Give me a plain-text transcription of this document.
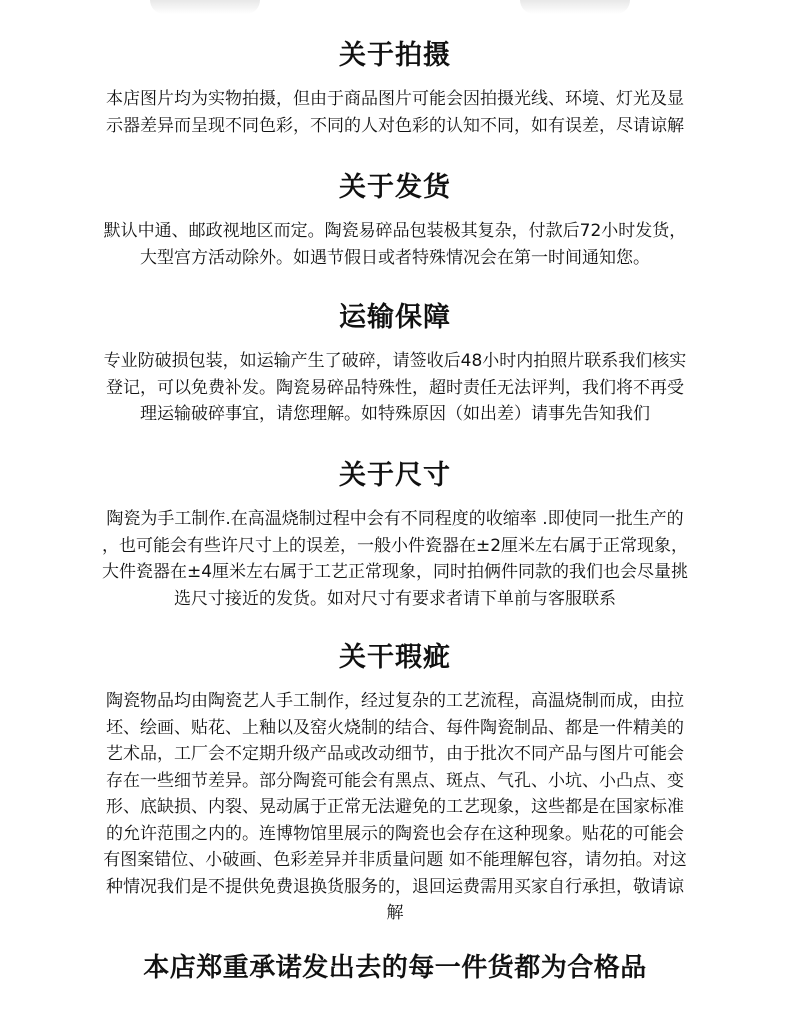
关于拍摄

本店图片均为实物拍摄，但由于商品图片可能会因拍摄光线、环境、灯光及显
示器差异而呈现不同色彩，不同的人对色彩的认知不同，如有误差，尽请谅解

关于发货

默认中通、邮政视地区而定。陶瓷易碎品包装极其复杂，付款后72小时发货，
大型宫方活动除外。如遇节假日或者特殊情况会在第一时间通知您。

运输保障

专业防破损包装，如运输产生了破碎，请签收后48小时内拍照片联系我们核实
登记，可以免费补发。陶瓷易碎品特殊性，超时责任无法评判，我们将不再受
理运输破碎事宜，请您理解。如特殊原因（如出差）请事先告知我们

关于尺寸

陶瓷为手工制作.在高温烧制过程中会有不同程度的收缩率 .即使同一批生产的
，也可能会有些许尺寸上的误差，一般小件瓷器在±2厘米左右属于正常现象，
大件瓷器在±4厘米左右属于工艺正常现象，同时拍俩件同款的我们也会尽量挑
选尺寸接近的发货。如对尺寸有要求者请下单前与客服联系

关干瑕疵

陶瓷物品均由陶瓷艺人手工制作，经过复杂的工艺流程，高温烧制而成，由拉
坯、绘画、贴花、上釉以及窑火烧制的结合、每件陶瓷制品、都是一件精美的
艺术品，工厂会不定期升级产品或改动细节，由于批次不同产品与图片可能会
存在一些细节差异。部分陶瓷可能会有黑点、斑点、气孔、小坑、小凸点、变
形、底缺损、内裂、晃动属于正常无法避免的工艺现象，这些都是在国家标准
的允许范围之内的。连博物馆里展示的陶瓷也会存在这种现象。贴花的可能会
有图案错位、小破画、色彩差异并非质量问题 如不能理解包容，请勿拍。对这
种情况我们是不提供免费退换货服务的，退回运费需用买家自行承担，敬请谅
解

本店郑重承诺发出去的每一件货都为合格品
